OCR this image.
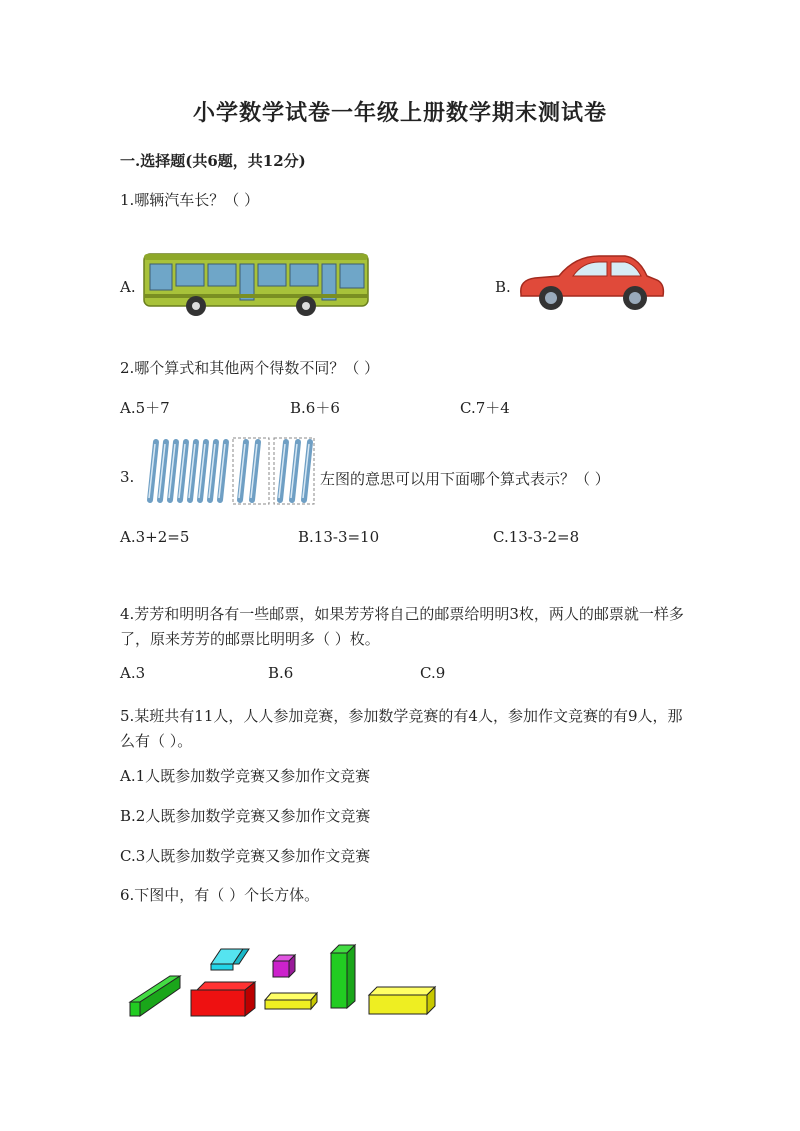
小学数学试卷一年级上册数学期末测试卷
一.选择题(共6题，共12分)
1.哪辆汽车长？（ ）
A.	B.
2.哪个算式和其他两个得数不同？（ ）
A.5＋7	B.6＋6	C.7＋4
3.	左图的意思可以用下面哪个算式表示？（ ）
A.3+2=5	B.13-3=10	C.13-3-2=8
4.芳芳和明明各有一些邮票，如果芳芳将自己的邮票给明明3枚，两人的邮票就一样多了，原来芳芳的邮票比明明多（ ）枚。
A.3	B.6	C.9
5.某班共有11人，人人参加竞赛，参加数学竞赛的有4人，参加作文竞赛的有9人，那么有（ ）。
A.1人既参加数学竞赛又参加作文竞赛
B.2人既参加数学竞赛又参加作文竞赛
C.3人既参加数学竞赛又参加作文竞赛
6.下图中，有（ ）个长方体。
